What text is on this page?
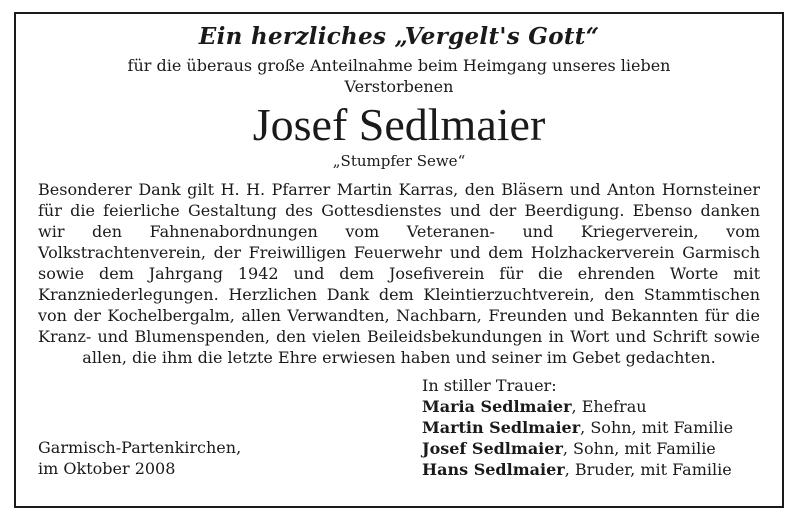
Ein herzliches „Vergelt's Gott“
für die überaus große Anteilnahme beim Heimgang unseres lieben Verstorbenen
Josef Sedlmaier
„Stumpfer Sewe“
Besonderer Dank gilt H. H. Pfarrer Martin Karras, den Bläsern und Anton Hornsteiner für die feierliche Gestaltung des Gottesdienstes und der Beerdigung. Ebenso danken wir den Fahnenabordnungen vom Veteranen- und Kriegerverein, vom Volkstrachtenverein, der Freiwilligen Feuerwehr und dem Holzhackerverein Garmisch sowie dem Jahrgang 1942 und dem Josefiverein für die ehrenden Worte mit Kranzniederlegungen. Herzlichen Dank dem Kleintierzuchtverein, den Stammtischen von der Kochelbergalm, allen Verwandten, Nachbarn, Freunden und Bekannten für die Kranz- und Blumenspenden, den vielen Beileidsbekundungen in Wort und Schrift sowie allen, die ihm die letzte Ehre erwiesen haben und seiner im Gebet gedachten.
Garmisch-Partenkirchen,
im Oktober 2008
In stiller Trauer:
Maria Sedlmaier, Ehefrau
Martin Sedlmaier, Sohn, mit Familie
Josef Sedlmaier, Sohn, mit Familie
Hans Sedlmaier, Bruder, mit Familie
